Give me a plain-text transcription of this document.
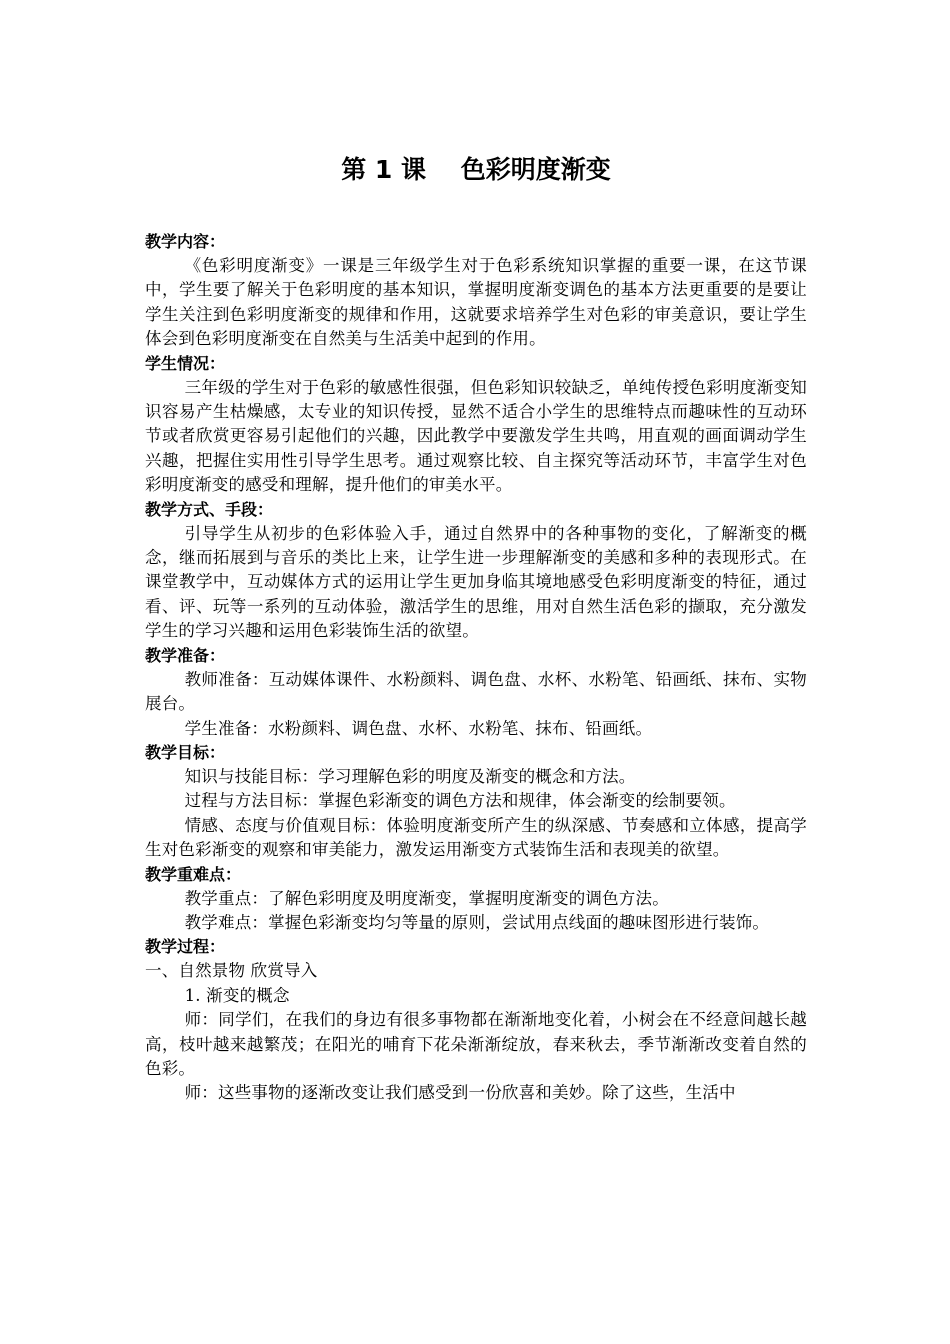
第 1 课    色彩明度渐变
教学内容：

《色彩明度渐变》一课是三年级学生对于色彩系统知识掌握的重要一课，在这节课中，学生要了解关于色彩明度的基本知识，掌握明度渐变调色的基本方法更重要的是要让学生关注到色彩明度渐变的规律和作用，这就要求培养学生对色彩的审美意识，要让学生体会到色彩明度渐变在自然美与生活美中起到的作用。

学生情况：

三年级的学生对于色彩的敏感性很强，但色彩知识较缺乏，单纯传授色彩明度渐变知识容易产生枯燥感，太专业的知识传授，显然不适合小学生的思维特点而趣味性的互动环节或者欣赏更容易引起他们的兴趣，因此教学中要激发学生共鸣，用直观的画面调动学生兴趣，把握住实用性引导学生思考。通过观察比较、自主探究等活动环节，丰富学生对色彩明度渐变的感受和理解，提升他们的审美水平。

教学方式、手段：

引导学生从初步的色彩体验入手，通过自然界中的各种事物的变化，了解渐变的概念，继而拓展到与音乐的类比上来，让学生进一步理解渐变的美感和多种的表现形式。在课堂教学中，互动媒体方式的运用让学生更加身临其境地感受色彩明度渐变的特征，通过看、评、玩等一系列的互动体验，激活学生的思维，用对自然生活色彩的撷取，充分激发学生的学习兴趣和运用色彩装饰生活的欲望。

教学准备：

教师准备：互动媒体课件、水粉颜料、调色盘、水杯、水粉笔、铅画纸、抹布、实物展台。

学生准备：水粉颜料、调色盘、水杯、水粉笔、抹布、铅画纸。

教学目标：

知识与技能目标：学习理解色彩的明度及渐变的概念和方法。

过程与方法目标：掌握色彩渐变的调色方法和规律，体会渐变的绘制要领。

情感、态度与价值观目标：体验明度渐变所产生的纵深感、节奏感和立体感，提高学生对色彩渐变的观察和审美能力，激发运用渐变方式装饰生活和表现美的欲望。

教学重难点：

教学重点：了解色彩明度及明度渐变，掌握明度渐变的调色方法。

教学难点：掌握色彩渐变均匀等量的原则，尝试用点线面的趣味图形进行装饰。

教学过程：

一、自然景物 欣赏导入

1. 渐变的概念

师：同学们，在我们的身边有很多事物都在渐渐地变化着，小树会在不经意间越长越高，枝叶越来越繁茂；在阳光的哺育下花朵渐渐绽放，春来秋去，季节渐渐改变着自然的色彩。

师：这些事物的逐渐改变让我们感受到一份欣喜和美妙。除了这些，生活中
